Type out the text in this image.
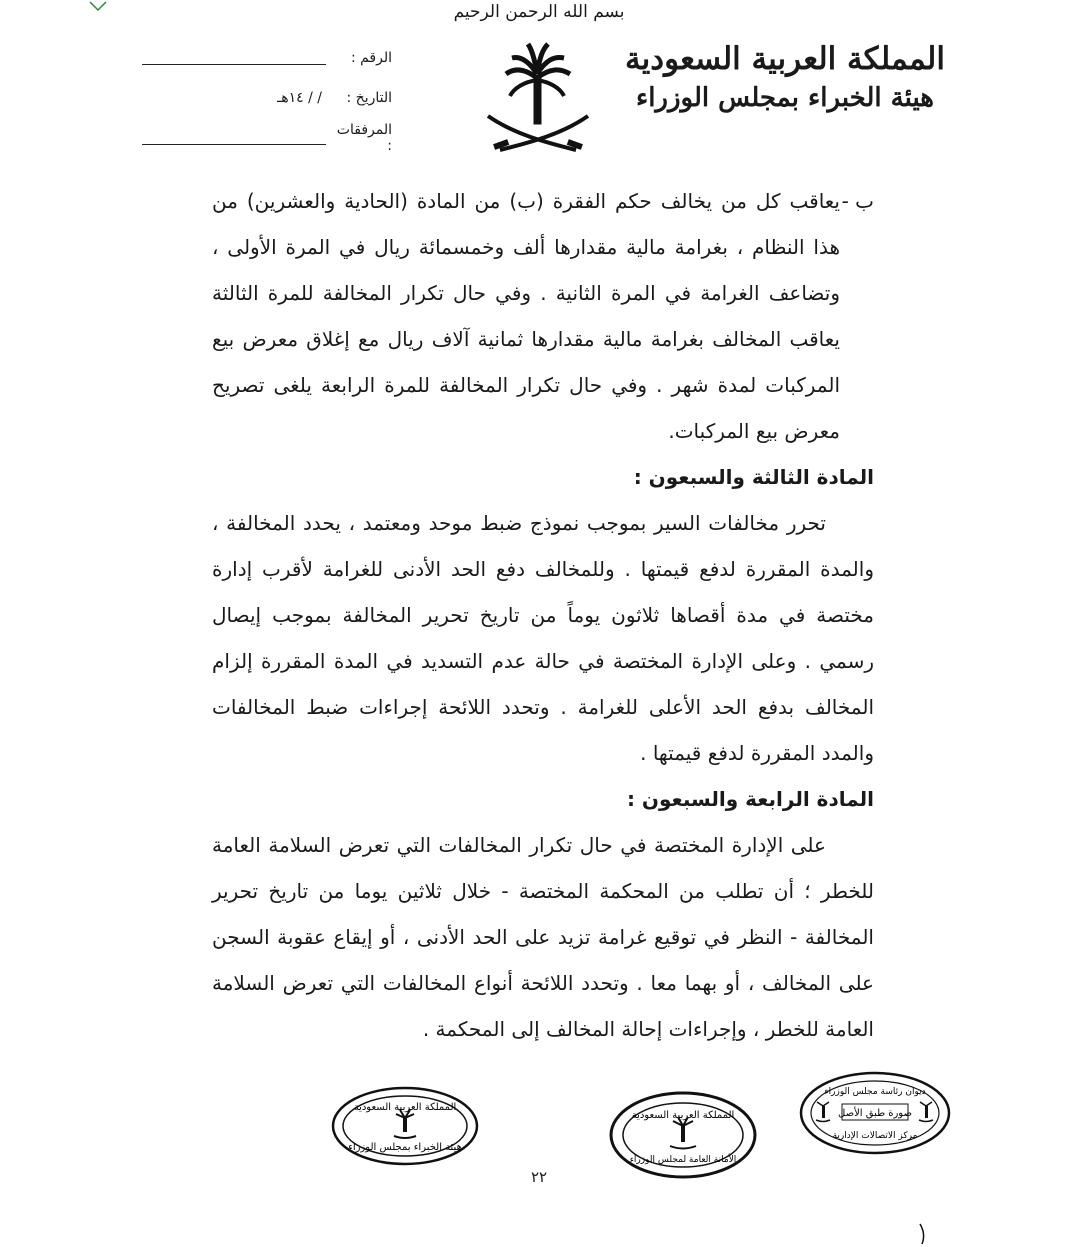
بسم الله الرحمن الرحيم
المملكة العربية السعودية
هيئة الخبراء بمجلس الوزراء
الرقم :
التاريخ :
/ / ١٤هـ
المرفقات :

ب -
يعاقب كل من يخالف حكم الفقرة (ب) من المادة (الحادية والعشرين) من هذا النظام ، بغرامة مالية مقدارها ألف وخمسمائة ريال في المرة الأولى ، وتضاعف الغرامة في المرة الثانية . وفي حال تكرار المخالفة للمرة الثالثة يعاقب المخالف بغرامة مالية مقدارها ثمانية آلاف ريال مع إغلاق معرض بيع المركبات لمدة شهر . وفي حال تكرار المخالفة للمرة الرابعة يلغى تصريح معرض بيع المركبات.

المادة الثالثة والسبعون :

تحرر مخالفات السير بموجب نموذج ضبط موحد ومعتمد ، يحدد المخالفة ، والمدة المقررة لدفع قيمتها . وللمخالف دفع الحد الأدنى للغرامة لأقرب إدارة مختصة في مدة أقصاها ثلاثون يوماً من تاريخ تحرير المخالفة بموجب إيصال رسمي . وعلى الإدارة المختصة في حالة عدم التسديد في المدة المقررة إلزام المخالف بدفع الحد الأعلى للغرامة . وتحدد اللائحة إجراءات ضبط المخالفات والمدد المقررة لدفع قيمتها .

المادة الرابعة والسبعون :

على الإدارة المختصة في حال تكرار المخالفات التي تعرض السلامة العامة للخطر ؛ أن تطلب من المحكمة المختصة - خلال ثلاثين يوما من تاريخ تحرير المخالفة - النظر في توقيع غرامة تزيد على الحد الأدنى ، أو إيقاع عقوبة السجن على المخالف ، أو بهما معا . وتحدد اللائحة أنواع المخالفات التي تعرض السلامة العامة للخطر ، وإجراءات إحالة المخالف إلى المحكمة .

المملكة العربية السعودية
هيئة الخبراء بمجلس الوزراء
المملكة العربية السعودية
الأمانة العامة لمجلس الوزراء
ديوان رئاسة مجلس الوزراء
صورة طبق الأصل
مركز الاتصالات الإدارية
٢٢
